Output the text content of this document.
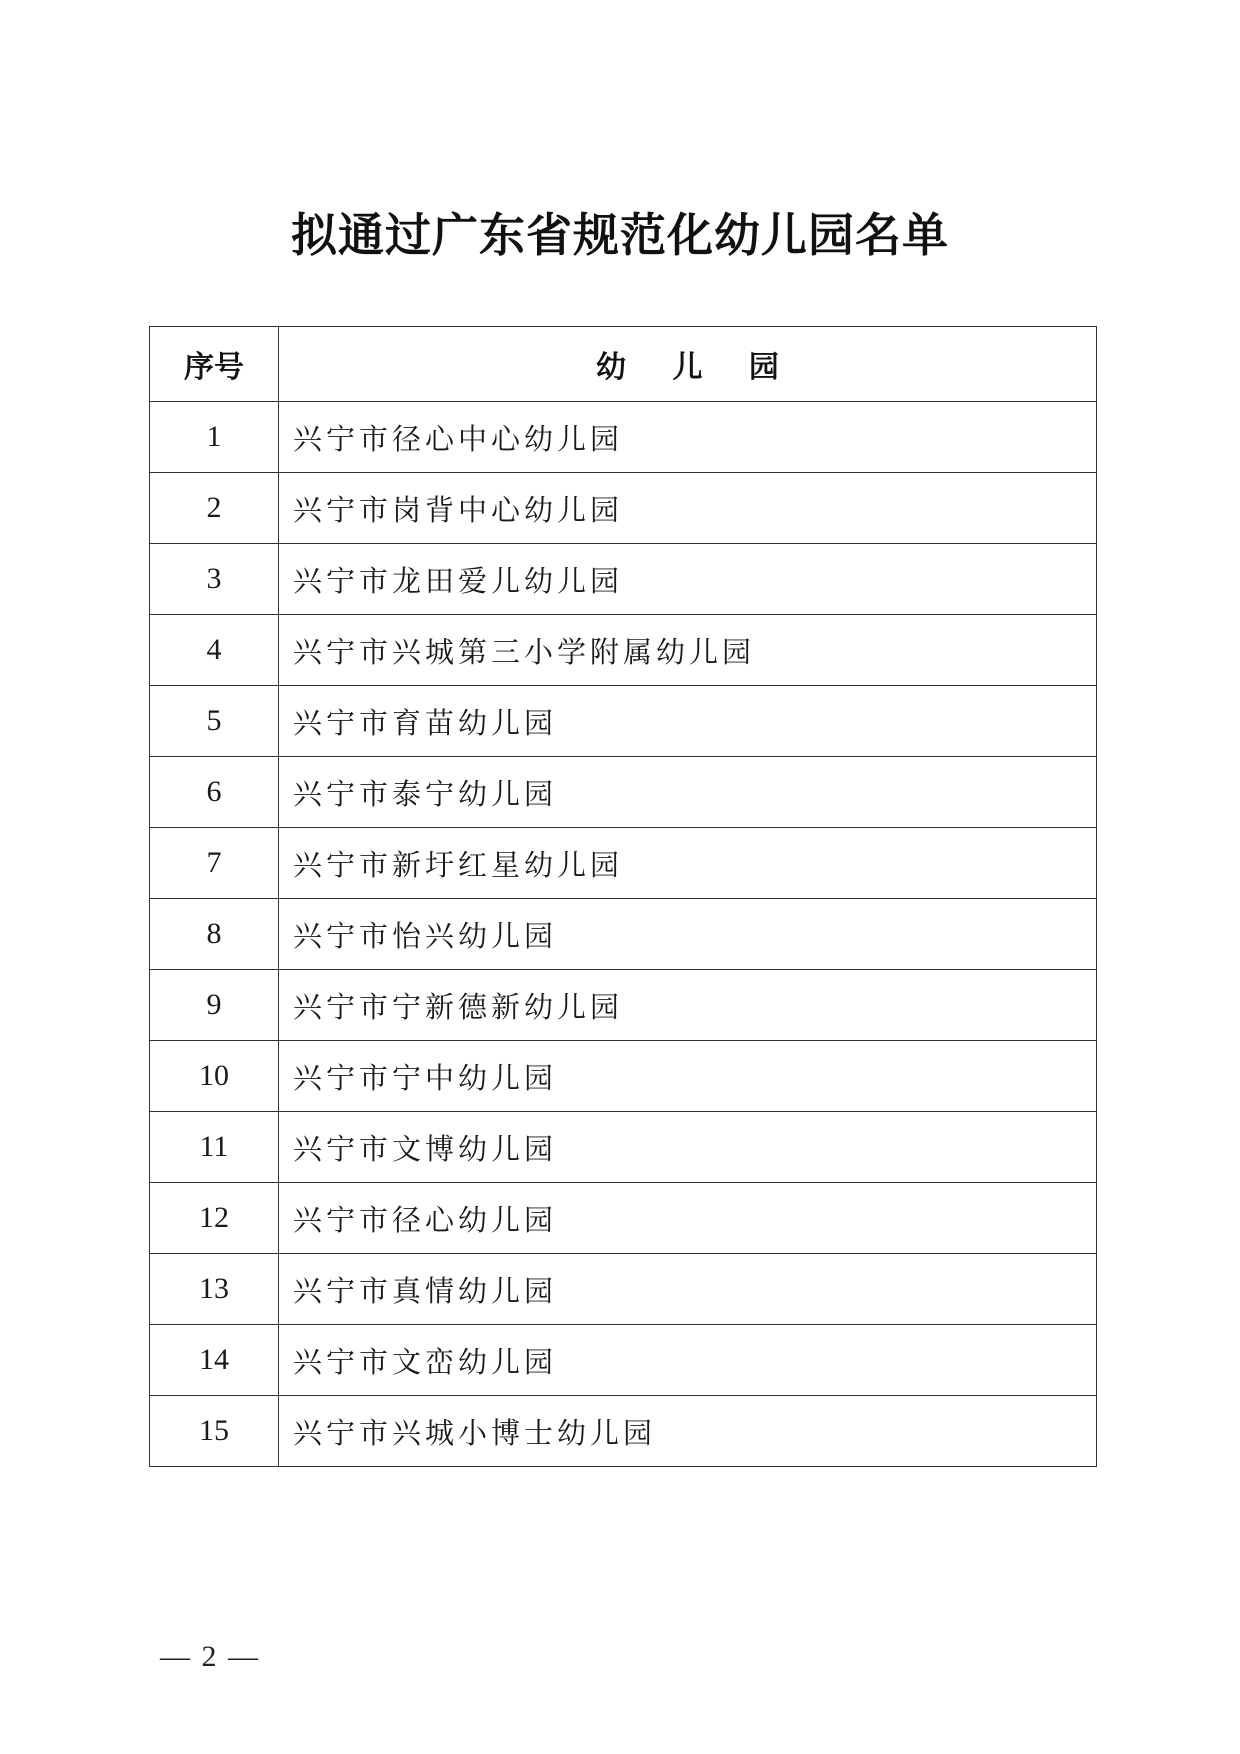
拟通过广东省规范化幼儿园名单
序号	幼 儿 园
1	兴宁市径心中心幼儿园
2	兴宁市岗背中心幼儿园
3	兴宁市龙田爱儿幼儿园
4	兴宁市兴城第三小学附属幼儿园
5	兴宁市育苗幼儿园
6	兴宁市泰宁幼儿园
7	兴宁市新圩红星幼儿园
8	兴宁市怡兴幼儿园
9	兴宁市宁新德新幼儿园
10	兴宁市宁中幼儿园
11	兴宁市文博幼儿园
12	兴宁市径心幼儿园
13	兴宁市真情幼儿园
14	兴宁市文峦幼儿园
15	兴宁市兴城小博士幼儿园
— 2 —
